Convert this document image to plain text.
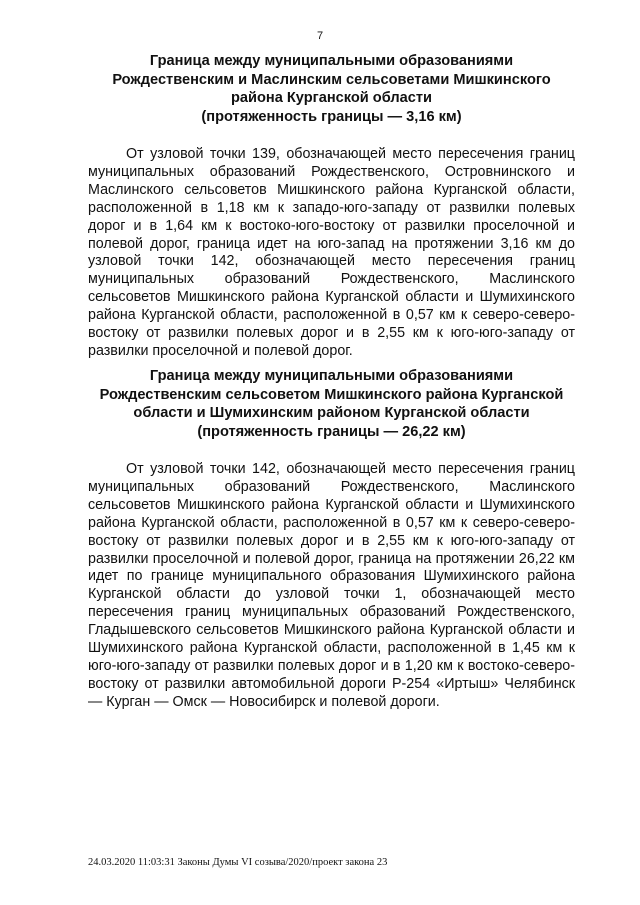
7
Граница между муниципальными образованиями
Рождественским и Маслинским сельсоветами Мишкинского
района Курганской области
(протяженность границы — 3,16 км)

От узловой точки 139, обозначающей место пересечения границ муниципальных образований Рождественского, Островнинского и Маслинского сельсоветов Мишкинского района Курганской области, расположенной в 1,18 км к западо-юго-западу от развилки полевых дорог и в 1,64 км к востоко-юго-востоку от развилки проселочной и полевой дорог, граница идет на юго-запад на протяжении 3,16 км до узловой точки 142, обозначающей место пересечения границ муниципальных образований Рождественского, Маслинского сельсоветов Мишкинского района Курганской области и Шумихинского района Курганской области, расположенной в 0,57 км к северо-северо-востоку от развилки полевых дорог и в 2,55 км к юго-юго-западу от развилки проселочной и полевой дорог.

Граница между муниципальными образованиями
Рождественским сельсоветом Мишкинского района Курганской
области и Шумихинским районом Курганской области
(протяженность границы — 26,22 км)

От узловой точки 142, обозначающей место пересечения границ муниципальных образований Рождественского, Маслинского сельсоветов Мишкинского района Курганской области и Шумихинского района Курганской области, расположенной в 0,57 км к северо-северо-востоку от развилки полевых дорог и в 2,55 км к юго-юго-западу от развилки проселочной и полевой дорог, граница на протяжении 26,22 км идет по границе муниципального образования Шумихинского района Курганской области до узловой точки 1, обозначающей место пересечения границ муниципальных образований Рождественского, Гладышевского сельсоветов Мишкинского района Курганской области и Шумихинского района Курганской области, расположенной в 1,45 км к юго-юго-западу от развилки полевых дорог и в 1,20 км к востоко-северо-востоку от развилки автомобильной дороги Р-254 «Иртыш» Челябинск — Курган — Омск — Новосибирск и полевой дороги.

24.03.2020 11:03:31 Законы Думы VI созыва/2020/проект закона 23
